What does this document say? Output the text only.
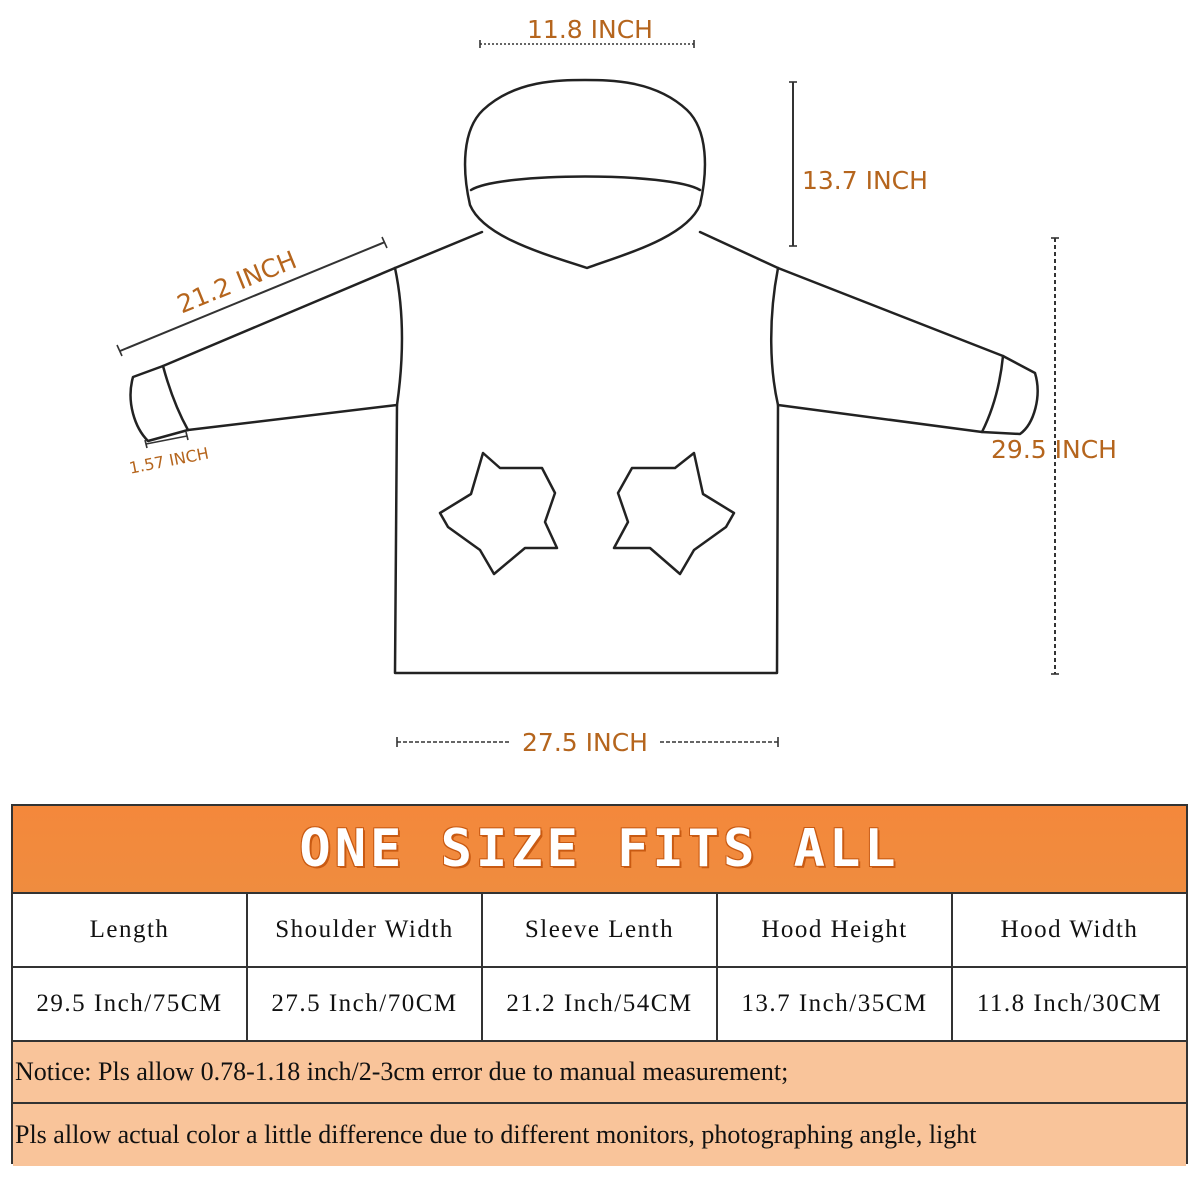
11.8 INCH
13.7 INCH
21.2 INCH
1.57 INCH	29.5 INCH
27.5 INCH
ONE SIZE FITS ALL
Length	Shoulder Width	Sleeve Lenth	Hood Height	Hood Width
29.5 Inch/75CM	27.5 Inch/70CM	21.2 Inch/54CM	13.7 Inch/35CM	11.8 Inch/30CM
Notice: Pls allow 0.78-1.18 inch/2-3cm error due to manual measurement;
Pls allow actual color a little difference due to different monitors, photographing angle, light
